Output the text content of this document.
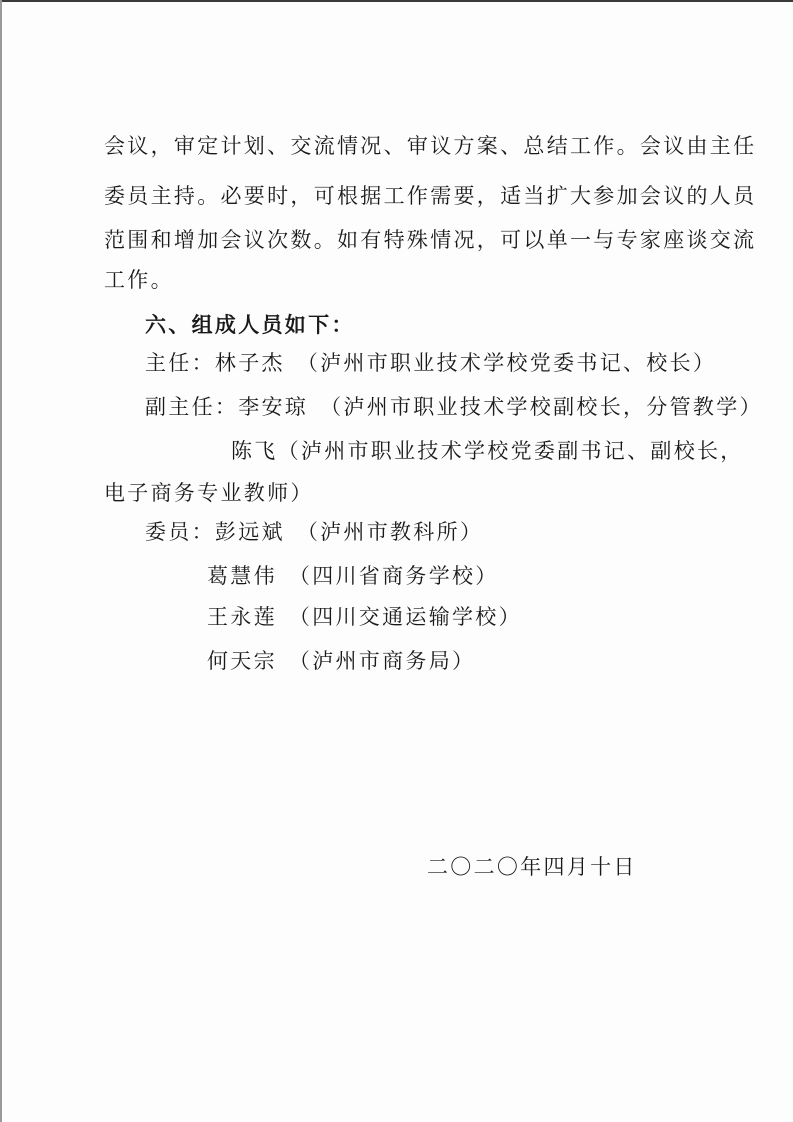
会议，审定计划、交流情况、审议方案、总结工作。会议由主任
委员主持。必要时，可根据工作需要，适当扩大参加会议的人员
范围和增加会议次数。如有特殊情况，可以单一与专家座谈交流
工作。
六、组成人员如下：
主任：林子杰 （泸州市职业技术学校党委书记、校长）
副主任：李安琼 （泸州市职业技术学校副校长，分管教学）
陈飞（泸州市职业技术学校党委副书记、副校长，
电子商务专业教师）
委员：彭远斌 （泸州市教科所）
葛慧伟 （四川省商务学校）
王永莲 （四川交通运输学校）
何天宗 （泸州市商务局）
二〇二〇年四月十日
